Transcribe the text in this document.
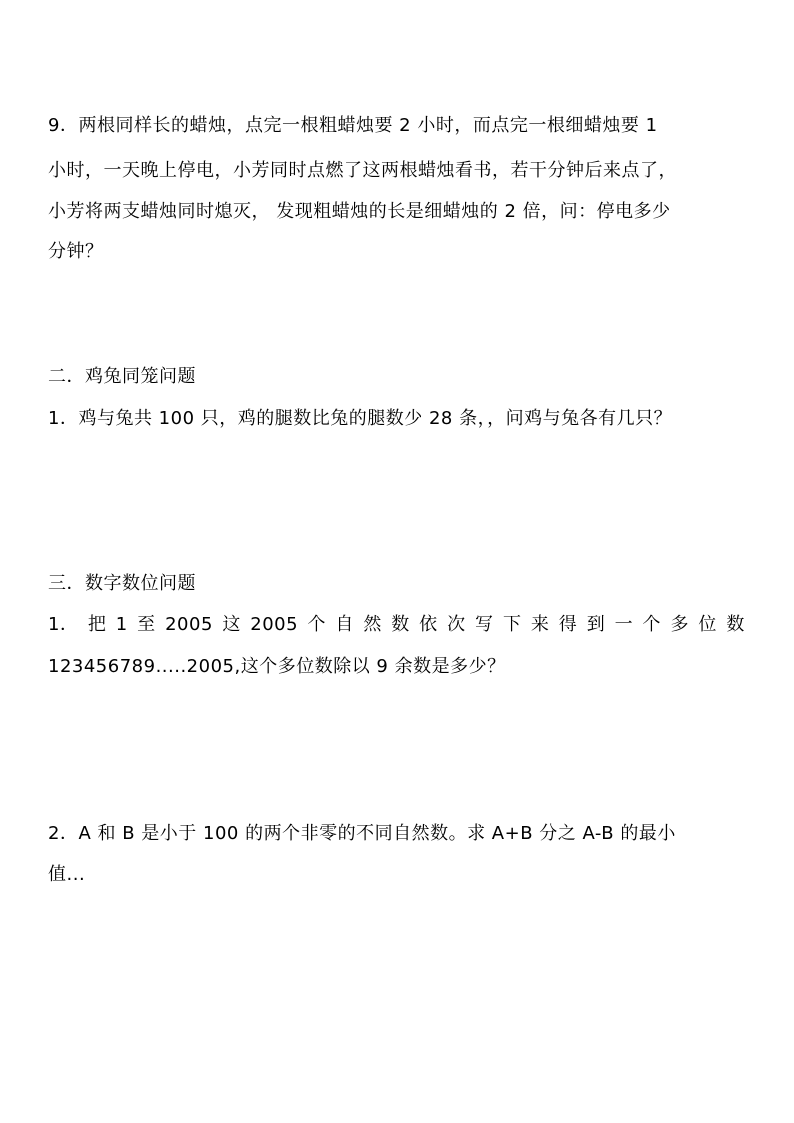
9．两根同样长的蜡烛，点完一根粗蜡烛要 2 小时，而点完一根细蜡烛要 1
小时，一天晚上停电，小芳同时点燃了这两根蜡烛看书，若干分钟后来点了，
小芳将两支蜡烛同时熄灭， 发现粗蜡烛的长是细蜡烛的 2 倍，问：停电多少
分钟？
二．鸡兔同笼问题
1．鸡与兔共 100 只，鸡的腿数比兔的腿数少 28 条，，问鸡与兔各有几只？
三．数字数位问题
1． 把 1 至 2005 这 2005 个 自 然 数 依 次 写 下 来 得 到 一 个 多 位 数
123456789.....2005,这个多位数除以 9 余数是多少？
2．A 和 B 是小于 100 的两个非零的不同自然数。求 A+B 分之 A-B 的最小
值...
